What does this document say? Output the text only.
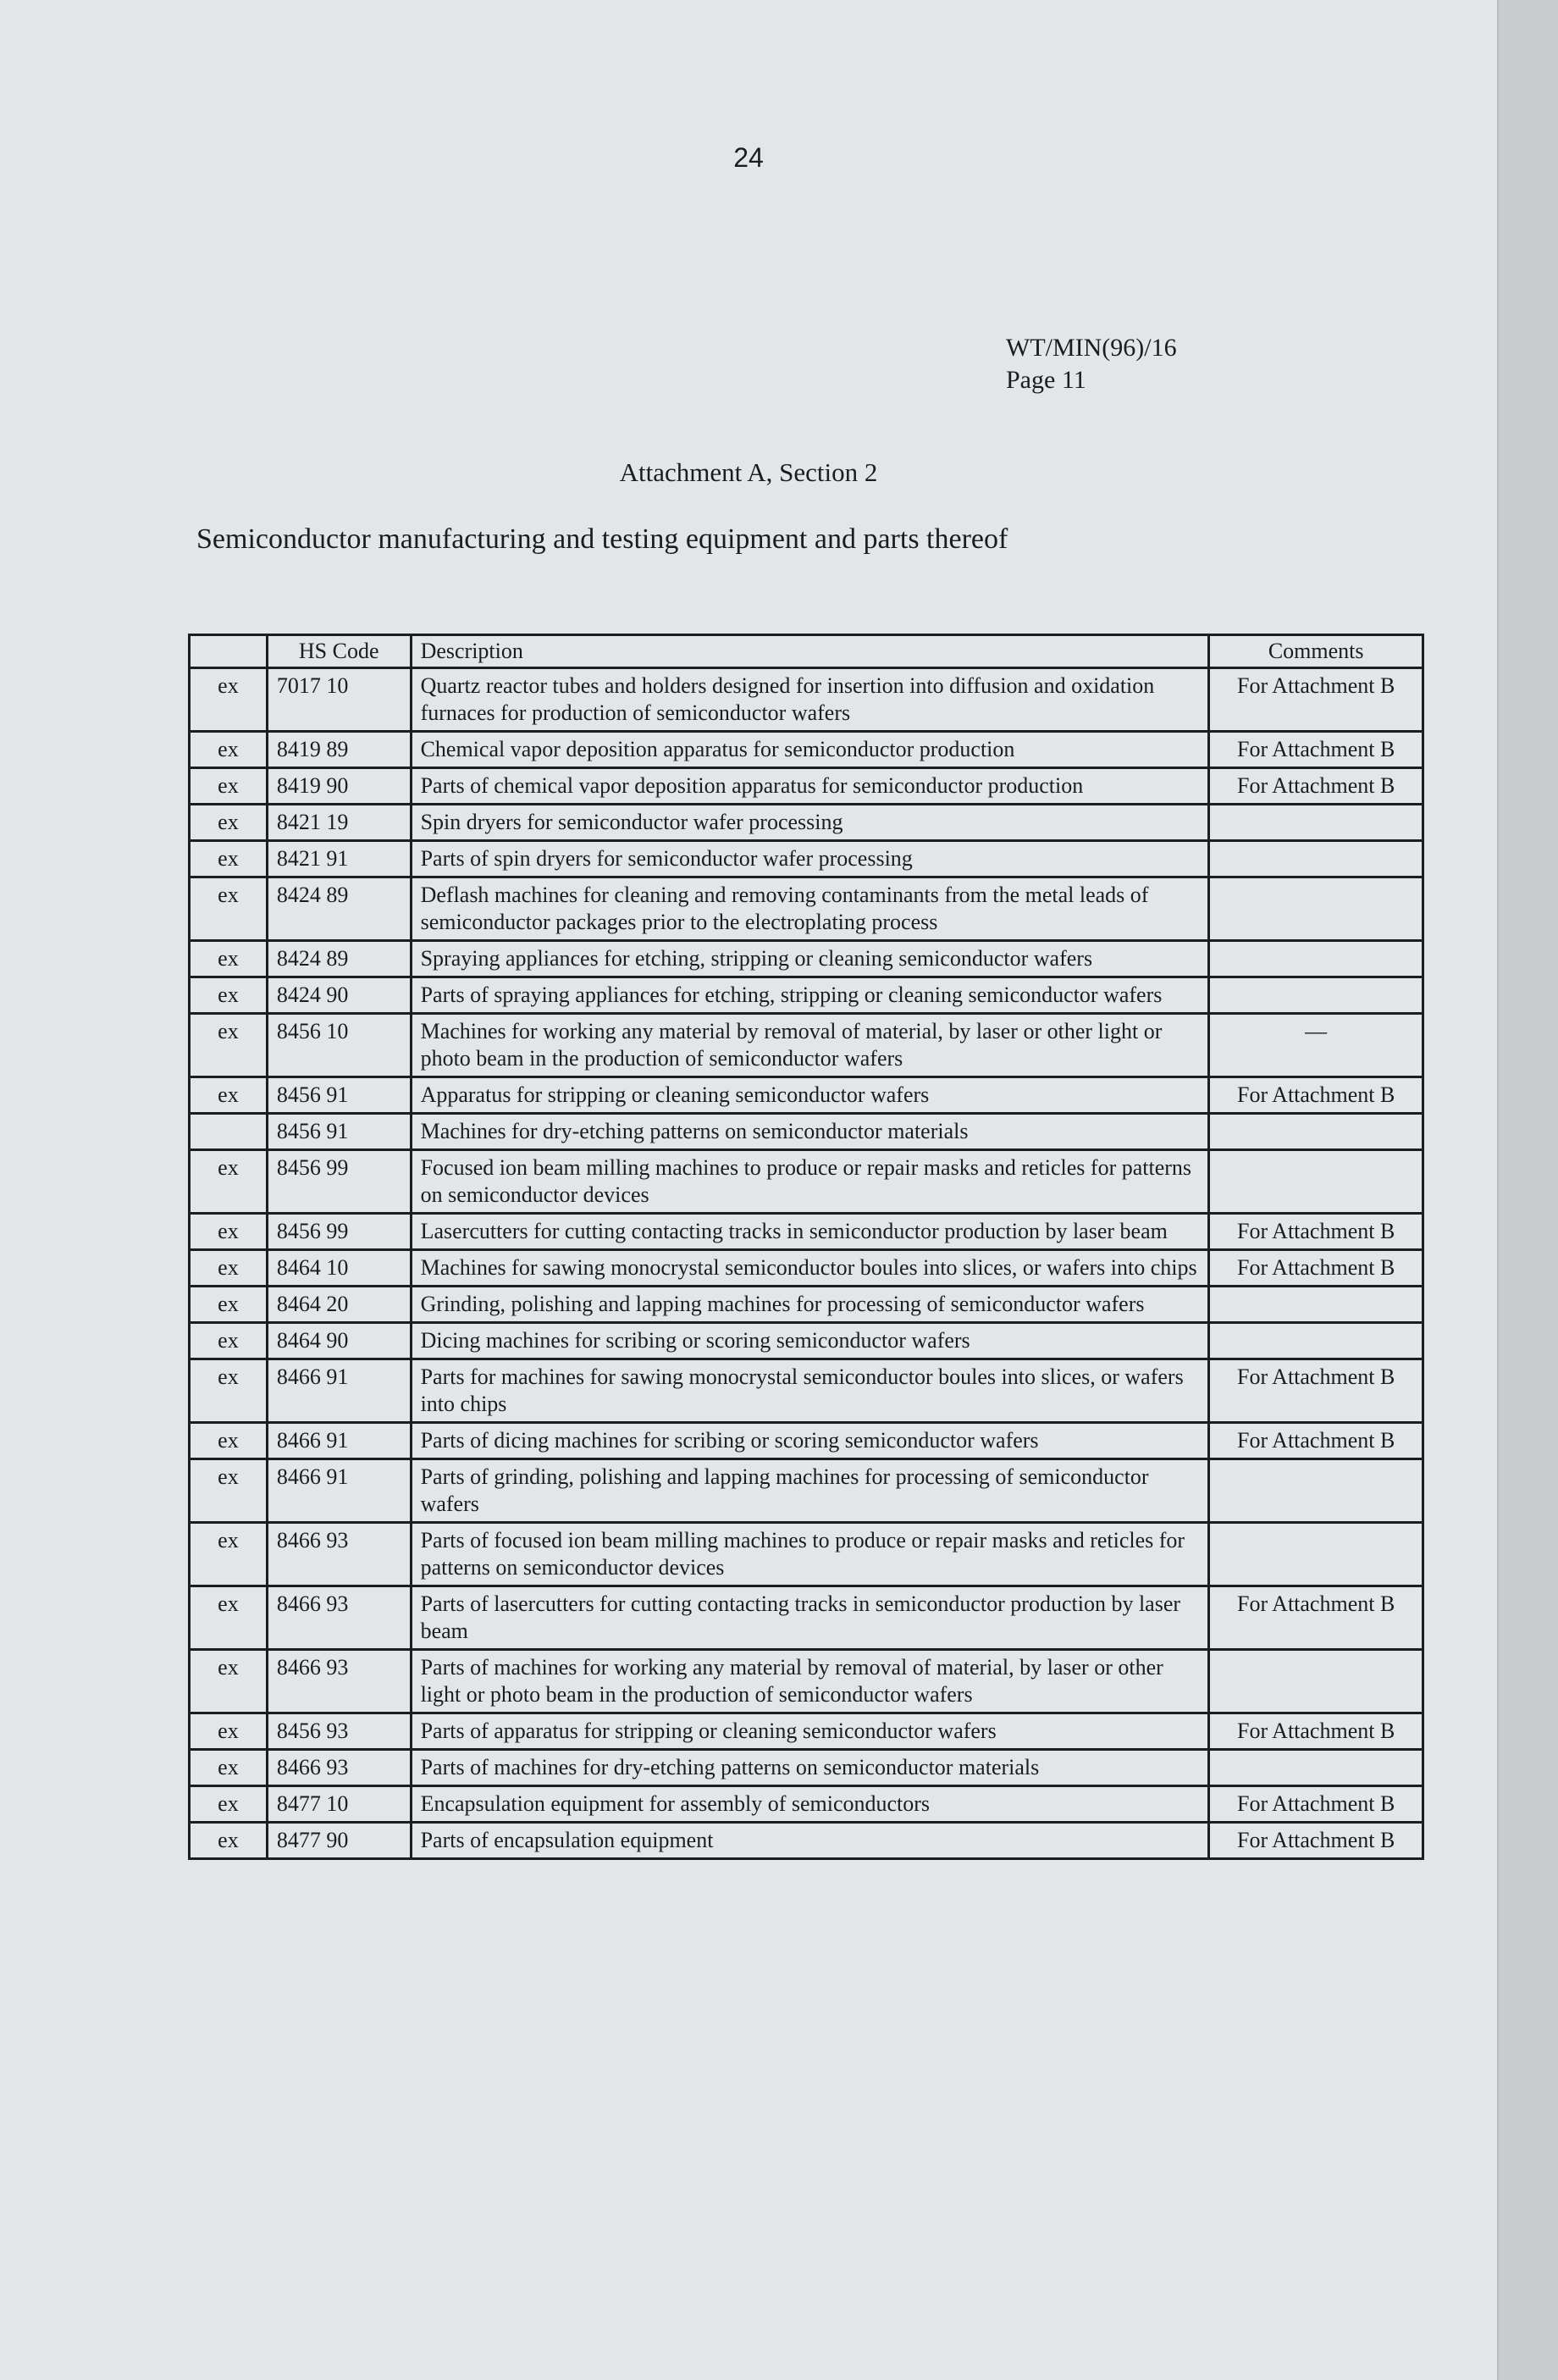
24
WT/MIN(96)/16
Page 11
Attachment A, Section 2
Semiconductor manufacturing and testing equipment and parts thereof
	HS Code	Description	Comments
ex	7017 10	Quartz reactor tubes and holders designed for insertion into diffusion and oxidation furnaces for production of semiconductor wafers	For Attachment B
ex	8419 89	Chemical vapor deposition apparatus for semiconductor production	For Attachment B
ex	8419 90	Parts of chemical vapor deposition apparatus for semiconductor production	For Attachment B
ex	8421 19	Spin dryers for semiconductor wafer processing	
ex	8421 91	Parts of spin dryers for semiconductor wafer processing	
ex	8424 89	Deflash machines for cleaning and removing contaminants from the metal leads of semiconductor packages prior to the electroplating process	
ex	8424 89	Spraying appliances for etching, stripping or cleaning semiconductor wafers	
ex	8424 90	Parts of spraying appliances for etching, stripping or cleaning semiconductor wafers	
ex	8456 10	Machines for working any material by removal of material, by laser or other light or photo beam in the production of semiconductor wafers	—
ex	8456 91	Apparatus for stripping or cleaning semiconductor wafers	For Attachment B
	8456 91	Machines for dry-etching patterns on semiconductor materials	
ex	8456 99	Focused ion beam milling machines to produce or repair masks and reticles for patterns on semiconductor devices	
ex	8456 99	Lasercutters for cutting contacting tracks in semiconductor production by laser beam	For Attachment B
ex	8464 10	Machines for sawing monocrystal semiconductor boules into slices, or wafers into chips	For Attachment B
ex	8464 20	Grinding, polishing and lapping machines for processing of semiconductor wafers	
ex	8464 90	Dicing machines for scribing or scoring semiconductor wafers	
ex	8466 91	Parts for machines for sawing monocrystal semiconductor boules into slices, or wafers into chips	For Attachment B
ex	8466 91	Parts of dicing machines for scribing or scoring semiconductor wafers	For Attachment B
ex	8466 91	Parts of grinding, polishing and lapping machines for processing of semiconductor wafers	
ex	8466 93	Parts of focused ion beam milling machines to produce or repair masks and reticles for patterns on semiconductor devices	
ex	8466 93	Parts of lasercutters for cutting contacting tracks in semiconductor production by laser beam	For Attachment B
ex	8466 93	Parts of machines for working any material by removal of material, by laser or other light or photo beam in the production of semiconductor wafers	
ex	8456 93	Parts of apparatus for stripping or cleaning semiconductor wafers	For Attachment B
ex	8466 93	Parts of machines for dry-etching patterns on semiconductor materials	
ex	8477 10	Encapsulation equipment for assembly of semiconductors	For Attachment B
ex	8477 90	Parts of encapsulation equipment	For Attachment B
